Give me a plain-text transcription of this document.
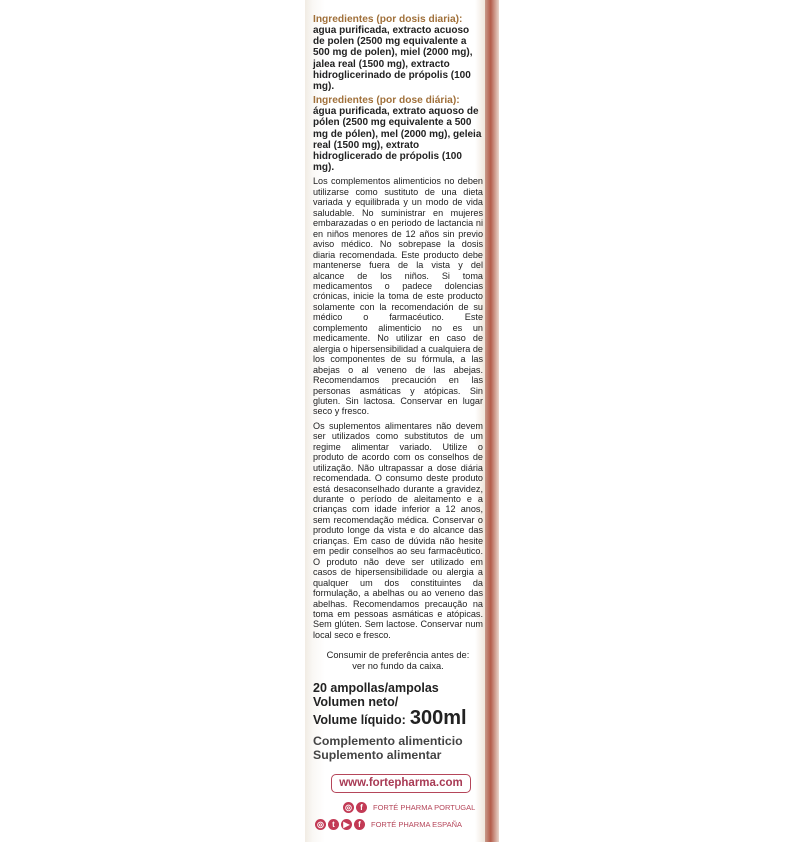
Ingredientes (por dosis diaria):
agua purificada, extracto acuoso de polen (2500 mg equivalente a 500 mg de polen), miel (2000 mg), jalea real (1500 mg), extracto hidroglicerinado de própolis (100 mg).
Ingredientes (por dose diária):
água purificada, extrato aquoso de pólen (2500 mg equivalente a 500 mg de pólen), mel (2000 mg), geleia real (1500 mg), extrato hidroglicerado de própolis (100 mg).
Los complementos alimenticios no deben utilizarse como sustituto de una dieta variada y equilibrada y un modo de vida saludable. No suministrar en mujeres embarazadas o en periodo de lactancia ni en niños menores de 12 años sin previo aviso médico. No sobrepase la dosis diaria recomendada. Este producto debe mantenerse fuera de la vista y del alcance de los niños. Si toma medicamentos o padece dolencias crónicas, inicie la toma de este producto solamente con la recomendación de su médico o farmacéutico. Este complemento alimenticio no es un medicamente. No utilizar en caso de alergia o hipersensibilidad a cualquiera de los componentes de su fórmula, a las abejas o al veneno de las abejas. Recomendamos precaución en las personas asmáticas y atópicas. Sin gluten. Sin lactosa. Conservar en lugar seco y fresco.
Os suplementos alimentares não devem ser utilizados como substitutos de um regime alimentar variado. Utilize o produto de acordo com os conselhos de utilização. Não ultrapassar a dose diária recomendada. O consumo deste produto está desaconselhado durante a gravidez, durante o período de aleitamento e a crianças com idade inferior a 12 anos, sem recomendação médica. Conservar o produto longe da vista e do alcance das crianças. Em caso de dúvida não hesite em pedir conselhos ao seu farmacêutico. O produto não deve ser utilizado em casos de hipersensibilidade ou alergia a qualquer um dos constituintes da formulação, a abelhas ou ao veneno das abelhas. Recomendamos precaução na toma em pessoas asmáticas e atópicas. Sem glúten. Sem lactose. Conservar num local seco e fresco.
Consumir de preferência antes de:
ver no fundo da caixa.
20 ampollas/ampolas
Volumen neto/
Volume líquido: 300ml
Complemento alimenticio
Suplemento alimentar
www.fortepharma.com
◎	f	FORTÉ PHARMA PORTUGAL
◎	t	▶	f	FORTÉ PHARMA ESPAÑA
